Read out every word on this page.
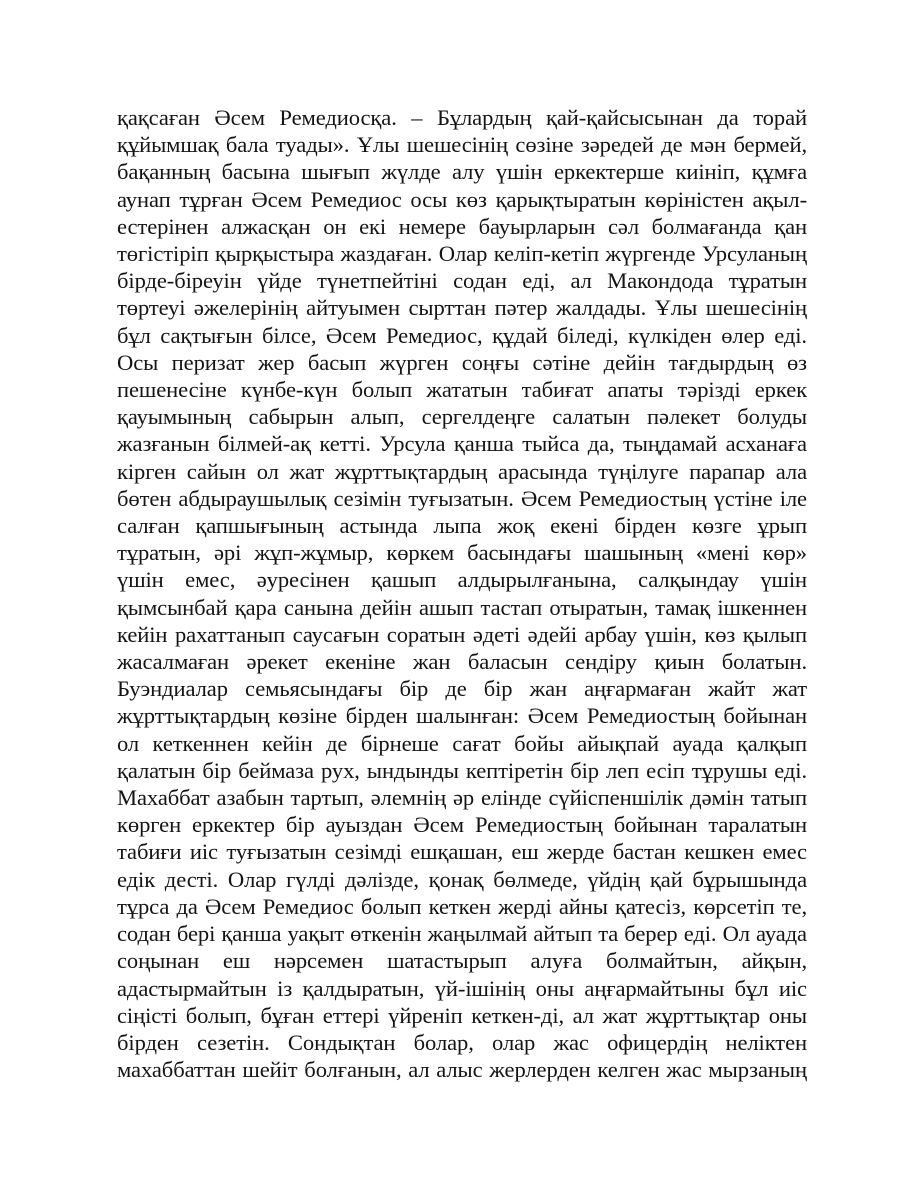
қақсаған Әсем Ремедиосқа. – Бұлардың қай-қайсысынан да торай
құйымшақ бала туады». Ұлы шешесінің сөзіне зәредей де мән бермей,
бақанның басына шығып жүлде алу үшін еркектерше киініп, құмға
аунап тұрған Әсем Ремедиос осы көз қарықтыратын көріністен ақыл-
естерінен алжасқан он екі немере бауырларын сәл болмағанда қан
төгістіріп қырқыстыра жаздаған. Олар келіп-кетіп жүргенде Урсуланың
бірде-біреуін үйде түнетпейтіні содан еді, ал Макондода тұратын
төртеуі әжелерінің айтуымен сырттан пәтер жалдады. Ұлы шешесінің
бұл сақтығын білсе, Әсем Ремедиос, құдай біледі, күлкіден өлер еді.
Осы перизат жер басып жүрген соңғы сәтіне дейін тағдырдың өз
пешенесіне күнбе-күн болып жататын табиғат апаты тәрізді еркек
қауымының сабырын алып, сергелдеңге салатын пәлекет болуды
жазғанын білмей-ақ кетті. Урсула қанша тыйса да, тыңдамай асханаға
кірген сайын ол жат жұрттықтардың арасында түңілуге парапар ала
бөтен абдыраушылық сезімін туғызатын. Әсем Ремедиостың үстіне іле
салған қапшығының астында лыпа жоқ екені бірден көзге ұрып
тұратын, әрі жұп-жұмыр, көркем басындағы шашының «мені көр»
үшін емес, әуресінен қашып алдырылғанына, салқындау үшін
қымсынбай қара санына дейін ашып тастап отыратын, тамақ ішкеннен
кейін рахаттанып саусағын соратын әдеті әдейі арбау үшін, көз қылып
жасалмаған әрекет екеніне жан баласын сендіру қиын болатын.
Буэндиалар семьясындағы бір де бір жан аңғармаған жайт жат
жұрттықтардың көзіне бірден шалынған: Әсем Ремедиостың бойынан
ол кеткеннен кейін де бірнеше сағат бойы айықпай ауада қалқып
қалатын бір беймаза рух, ындынды кептіретін бір леп есіп тұрушы еді.
Махаббат азабын тартып, әлемнің әр елінде сүйіспеншілік дәмін татып
көрген еркектер бір ауыздан Әсем Ремедиостың бойынан таралатын
табиғи иіс туғызатын сезімді ешқашан, еш жерде бастан кешкен емес
едік десті. Олар гүлді дәлізде, қонақ бөлмеде, үйдің қай бұрышында
тұрса да Әсем Ремедиос болып кеткен жерді айны қатесіз, көрсетіп те,
содан бері қанша уақыт өткенін жаңылмай айтып та берер еді. Ол ауада
соңынан еш нәрсемен шатастырып алуға болмайтын, айқын,
адастырмайтын із қалдыратын, үй-ішінің оны аңғармайтыны бұл иіс
сіңісті болып, бұған еттері үйреніп кеткен-ді, ал жат жұрттықтар оны
бірден сезетін. Сондықтан болар, олар жас офицердің неліктен
махаббаттан шейіт болғанын, ал алыс жерлерден келген жас мырзаның
